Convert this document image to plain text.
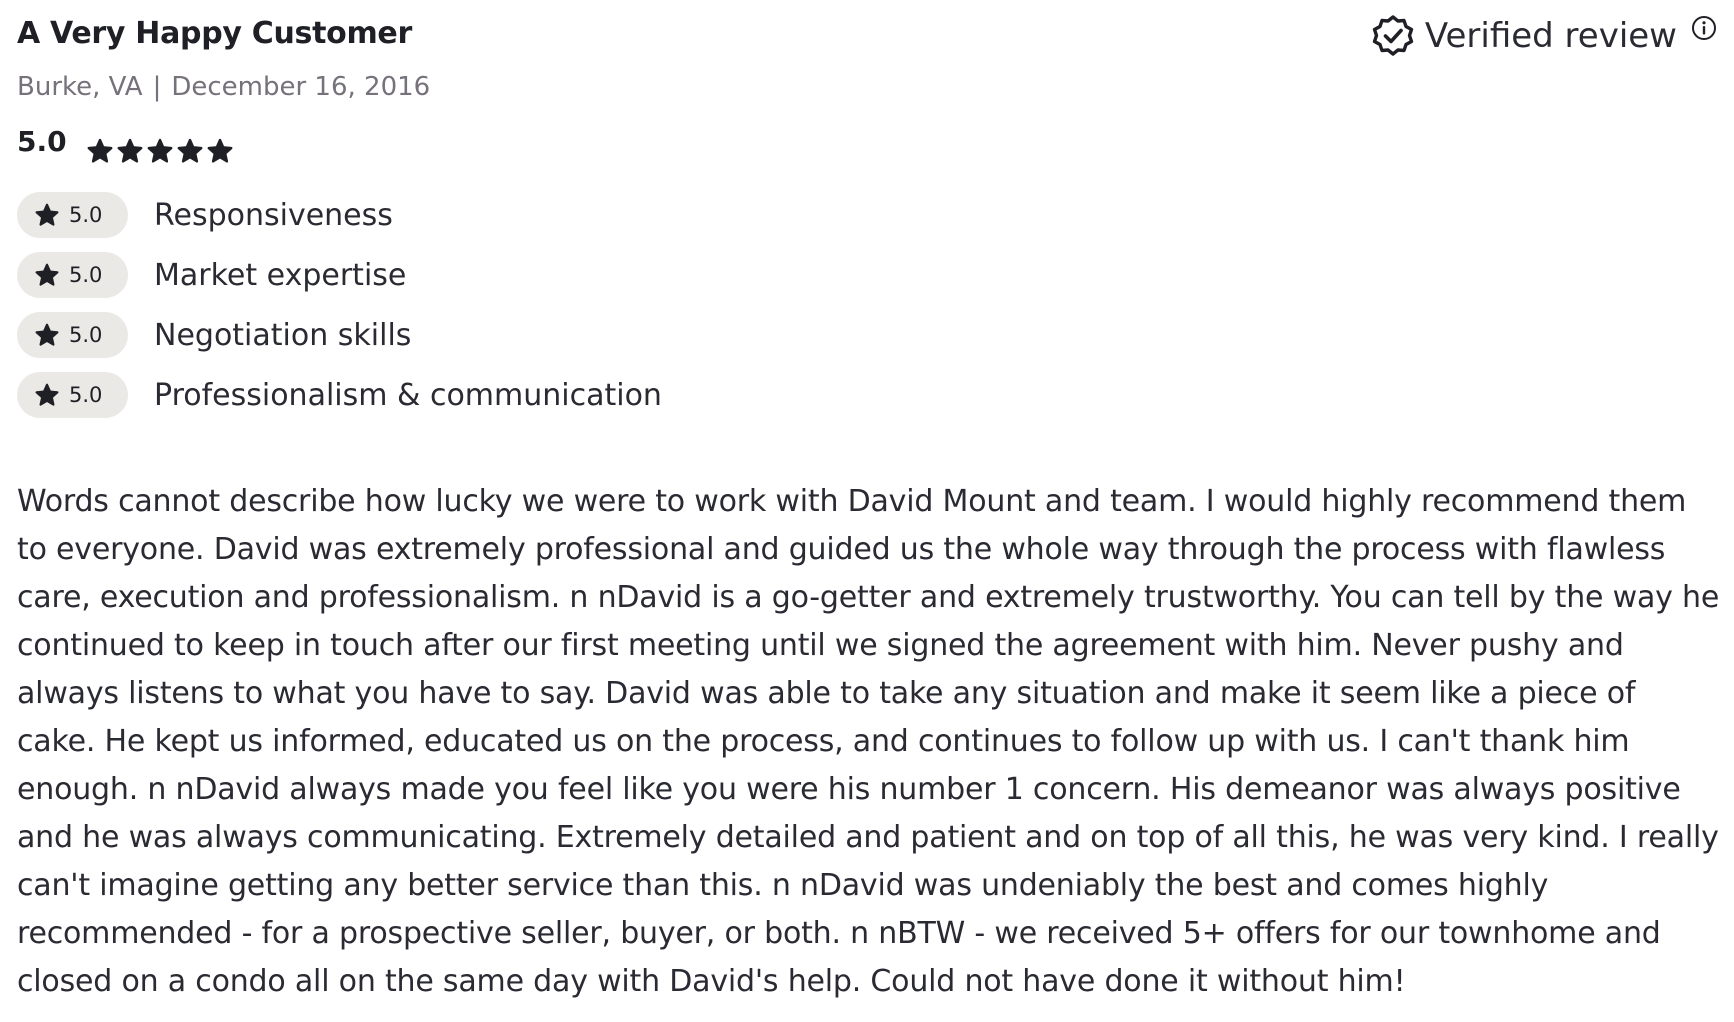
A Very Happy Customer
Burke, VA | December 16, 2016
Verified review
5.0
5.0 Responsiveness
5.0 Market expertise
5.0 Negotiation skills
5.0 Professionalism & communication

Words cannot describe how lucky we were to work with David Mount and team. I would highly recommend them to everyone. David was extremely professional and guided us the whole way through the process with flawless care, execution and professionalism. n nDavid is a go-getter and extremely trustworthy. You can tell by the way he continued to keep in touch after our first meeting until we signed the agreement with him. Never pushy and always listens to what you have to say. David was able to take any situation and make it seem like a piece of cake. He kept us informed, educated us on the process, and continues to follow up with us. I can't thank him enough. n nDavid always made you feel like you were his number 1 concern. His demeanor was always positive and he was always communicating. Extremely detailed and patient and on top of all this, he was very kind. I really can't imagine getting any better service than this. n nDavid was undeniably the best and comes highly recommended - for a prospective seller, buyer, or both. n nBTW - we received 5+ offers for our townhome and closed on a condo all on the same day with David's help. Could not have done it without him!
